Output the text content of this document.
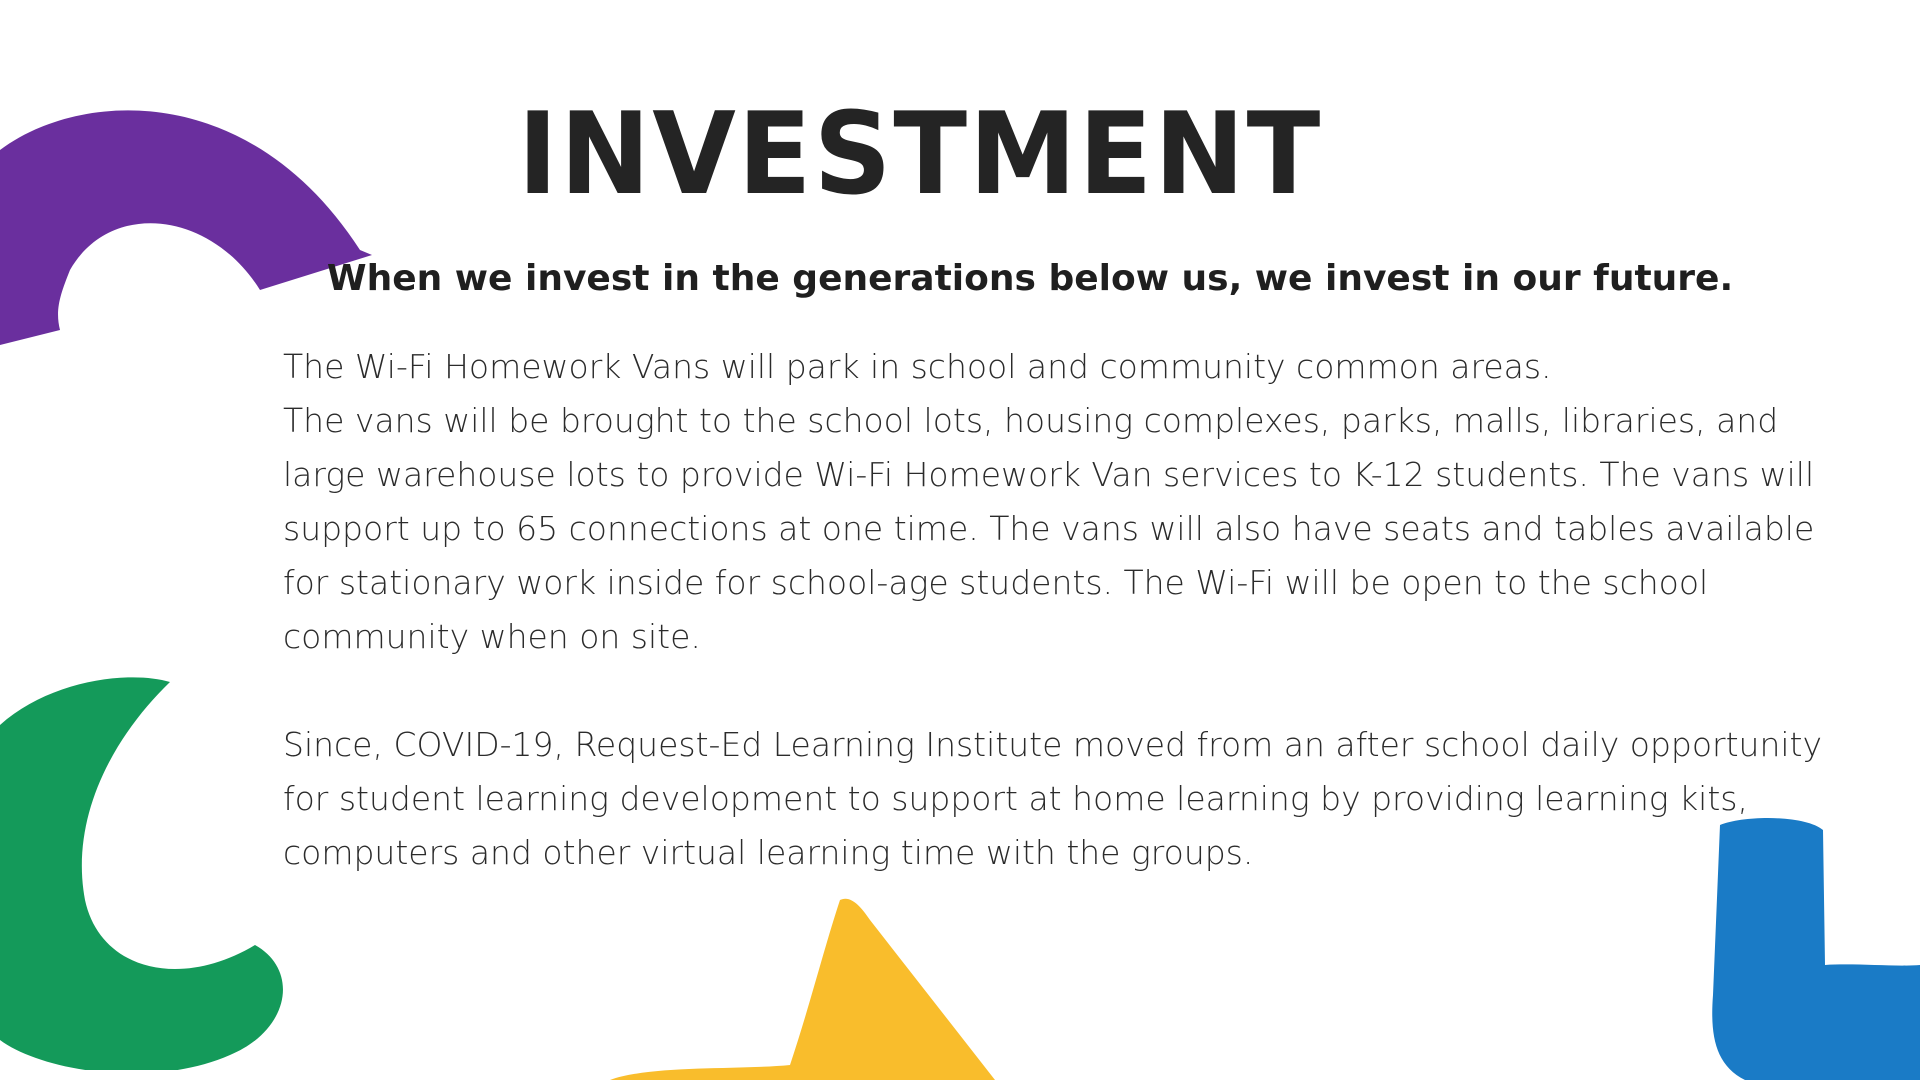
INVESTMENT
When we invest in the generations below us, we invest in our future.

The Wi-Fi Homework Vans will park in school and community common areas.

The vans will be brought to the school lots, housing complexes, parks, malls, libraries, and large warehouse lots to provide Wi-Fi Homework Van services to K-12 students. The vans will support up to 65 connections at one time. The vans will also have seats and tables available for stationary work inside for school-age students. The Wi-Fi will be open to the school community when on site.

Since, COVID-19, Request-Ed Learning Institute moved from an after school daily opportunity for student learning development to support at home learning by providing learning kits, computers and other virtual learning time with the groups.
